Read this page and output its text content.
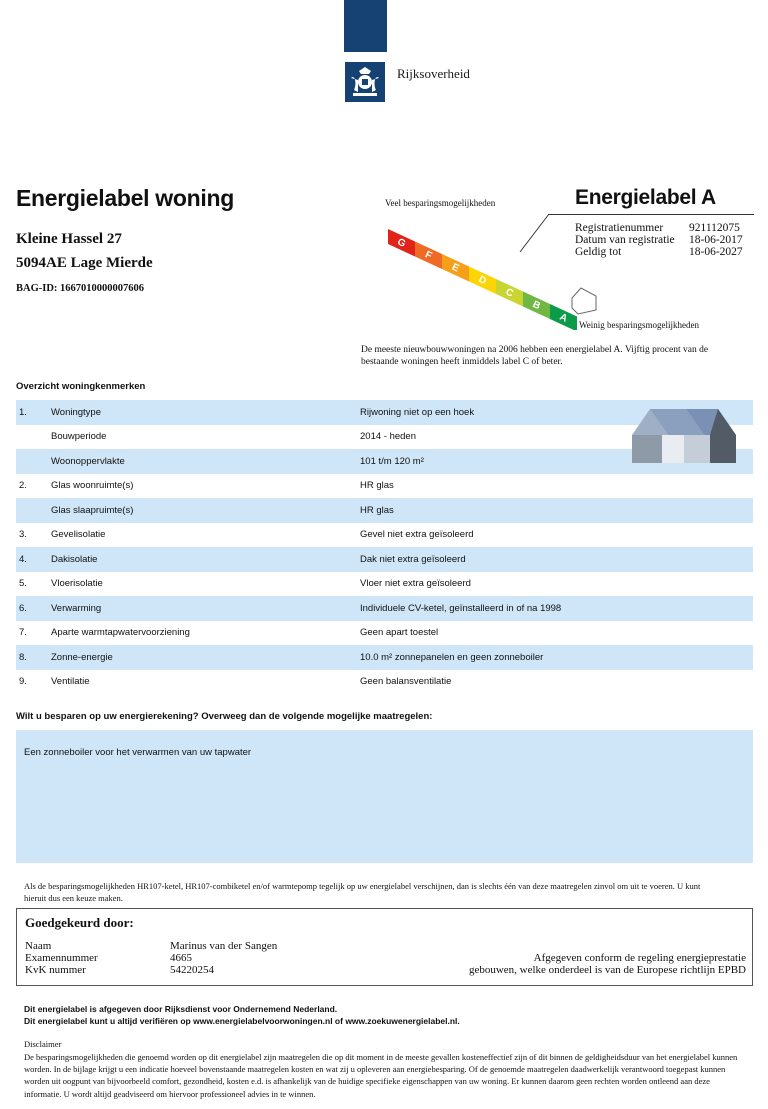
Rijksoverheid
Energielabel woning
Kleine Hassel 27
5094AE Lage Mierde
BAG-ID: 1667010000007606
Veel besparingsmogelijkheden
G
F
E
D
C
B
A
Weinig besparingsmogelijkheden
Energielabel A
Registratienummer	921112075
Datum van registratie	18-06-2017
Geldig tot	18-06-2027
De meeste nieuwbouwwoningen na 2006 hebben een energielabel A. Vijftig procent van de bestaande woningen heeft inmiddels label C of beter.
Overzicht woningkenmerken
1.	Woningtype	Rijwoning niet op een hoek
Bouwperiode	2014 - heden
Woonoppervlakte	101 t/m 120 m²
2.	Glas woonruimte(s)	HR glas
Glas slaapruimte(s)	HR glas
3.	Gevelisolatie	Gevel niet extra geïsoleerd
4.	Dakisolatie	Dak niet extra geïsoleerd
5.	Vloerisolatie	Vloer niet extra geïsoleerd
6.	Verwarming	Individuele CV-ketel, geïnstalleerd in of na 1998
7.	Aparte warmtapwatervoorziening	Geen apart toestel
8.	Zonne-energie	10.0 m² zonnepanelen en geen zonneboiler
9.	Ventilatie	Geen balansventilatie
Wilt u besparen op uw energierekening? Overweeg dan de volgende mogelijke maatregelen:
Een zonneboiler voor het verwarmen van uw tapwater
Als de besparingsmogelijkheden HR107-ketel, HR107-combiketel en/of warmtepomp tegelijk op uw energielabel verschijnen, dan is slechts één van deze maatregelen zinvol om uit te voeren. U kunt hieruit dus een keuze maken.
Goedgekeurd door:
Naam	Marinus van der Sangen
Examennummer	4665
KvK nummer	54220254
Afgegeven conform de regeling energieprestatie
gebouwen, welke onderdeel is van de Europese richtlijn EPBD
Dit energielabel is afgegeven door Rijksdienst voor Ondernemend Nederland.
Dit energielabel kunt u altijd verifiëren op www.energielabelvoorwoningen.nl of www.zoekuwenergielabel.nl.
Disclaimer
De besparingsmogelijkheden die genoemd worden op dit energielabel zijn maatregelen die op dit moment in de meeste gevallen kosteneffectief zijn of dit binnen de geldigheidsduur van het energielabel kunnen worden. In de bijlage krijgt u een indicatie hoeveel bovenstaande maatregelen kosten en wat zij u opleveren aan energiebesparing. Of de genoemde maatregelen daadwerkelijk verantwoord toegepast kunnen worden uit oogpunt van bijvoorbeeld comfort, gezondheid, kosten e.d. is afhankelijk van de huidige specifieke eigenschappen van uw woning. Er kunnen daarom geen rechten worden ontleend aan deze informatie. U wordt altijd geadviseerd om hiervoor professioneel advies in te winnen.
